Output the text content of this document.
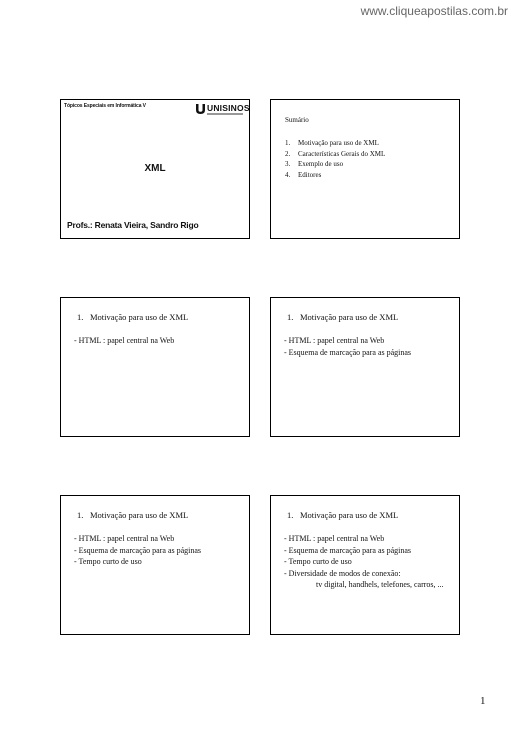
www.cliqueapostilas.com.br
Tópicos Especiais em Informática V	UNISINOS
XML
Profs.: Renata Vieira, Sandro Rigo
Sumário
1.	Motivação para uso de XML
2.	Características Gerais do XML
3.	Exemplo de uso
4.	Editores
1. Motivação para uso de XML
- HTML : papel central na Web
1. Motivação para uso de XML
- HTML : papel central na Web
- Esquema de marcação para as páginas
1. Motivação para uso de XML
- HTML : papel central na Web
- Esquema de marcação para as páginas
- Tempo curto de uso
1. Motivação para uso de XML
- HTML : papel central na Web
- Esquema de marcação para as páginas
- Tempo curto de uso
- Diversidade de modos de conexão:
tv digital, handhels, telefones, carros, ...
1
